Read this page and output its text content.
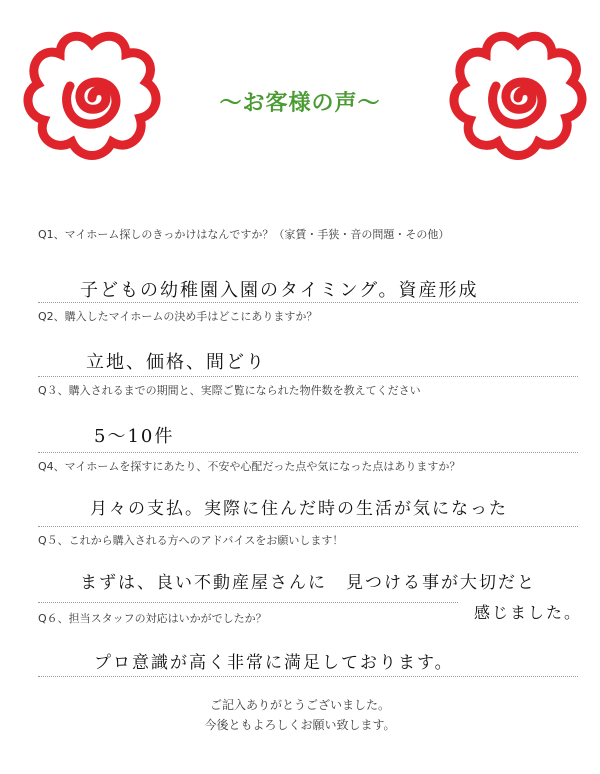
〜お客様の声〜
Q1、マイホーム探しのきっかけはなんですか？（家賃・手狭・音の問題・その他）
子どもの幼稚園入園のタイミング。資産形成
Q2、購入したマイホームの決め手はどこにありますか？
立地、価格、間どり
Q３、購入されるまでの期間と、実際ご覧になられた物件数を教えてください
5～10件
Q4、マイホームを探すにあたり、不安や心配だった点や気になった点はありますか？
月々の支払。実際に住んだ時の生活が気になった
Q５、これから購入される方へのアドバイスをお願いします！
まずは、良い不動産屋さんに　見つける事が大切だと
感じました。
Q６、担当スタッフの対応はいかがでしたか？
プロ意識が高く非常に満足しております。
ご記入ありがとうございました。
今後ともよろしくお願い致します。
